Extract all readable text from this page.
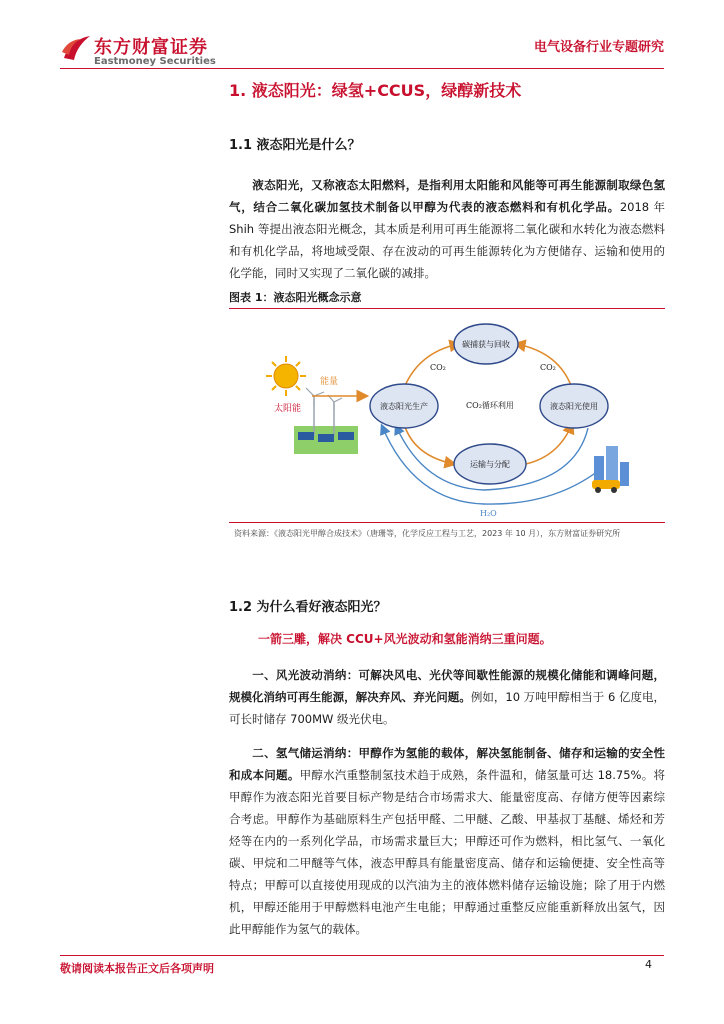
东方财富证券
Eastmoney Securities
电气设备行业专题研究
1. 液态阳光：绿氢+CCUS，绿醇新技术
1.1 液态阳光是什么？
液态阳光，又称液态太阳燃料，是指利用太阳能和风能等可再生能源制取绿色氢气，结合二氧化碳加氢技术制备以甲醇为代表的液态燃料和有机化学品。2018 年 Shih 等提出液态阳光概念，其本质是利用可再生能源将二氧化碳和水转化为液态燃料和有机化学品，将地域受限、存在波动的可再生能源转化为方便储存、运输和使用的化学能，同时又实现了二氧化碳的减排。
图表 1：液态阳光概念示意
太阳能
能量
碳捕获与回收
液态阳光生产	液态阳光使用
运输与分配
CO₂	CO₂
CO₂循环利用
H₂O
资料来源：《液态阳光甲醇合成技术》（唐珊等，化学反应工程与工艺，2023 年 10 月），东方财富证券研究所
1.2 为什么看好液态阳光？
一箭三雕，解决 CCU+风光波动和氢能消纳三重问题。
一、风光波动消纳：可解决风电、光伏等间歇性能源的规模化储能和调峰问题，规模化消纳可再生能源，解决弃风、弃光问题。例如，10 万吨甲醇相当于 6 亿度电，可长时储存 700MW 级光伏电。
二、氢气储运消纳：甲醇作为氢能的载体，解决氢能制备、储存和运输的安全性和成本问题。甲醇水汽重整制氢技术趋于成熟，条件温和，储氢量可达 18.75%。将甲醇作为液态阳光首要目标产物是结合市场需求大、能量密度高、存储方便等因素综合考虑。甲醇作为基础原料生产包括甲醛、二甲醚、乙酸、甲基叔丁基醚、烯烃和芳烃等在内的一系列化学品，市场需求量巨大；甲醇还可作为燃料，相比氢气、一氧化碳、甲烷和二甲醚等气体，液态甲醇具有能量密度高、储存和运输便捷、安全性高等特点；甲醇可以直接使用现成的以汽油为主的液体燃料储存运输设施；除了用于内燃机，甲醇还能用于甲醇燃料电池产生电能；甲醇通过重整反应能重新释放出氢气，因此甲醇能作为氢气的载体。
敬请阅读本报告正文后各项声明	4
